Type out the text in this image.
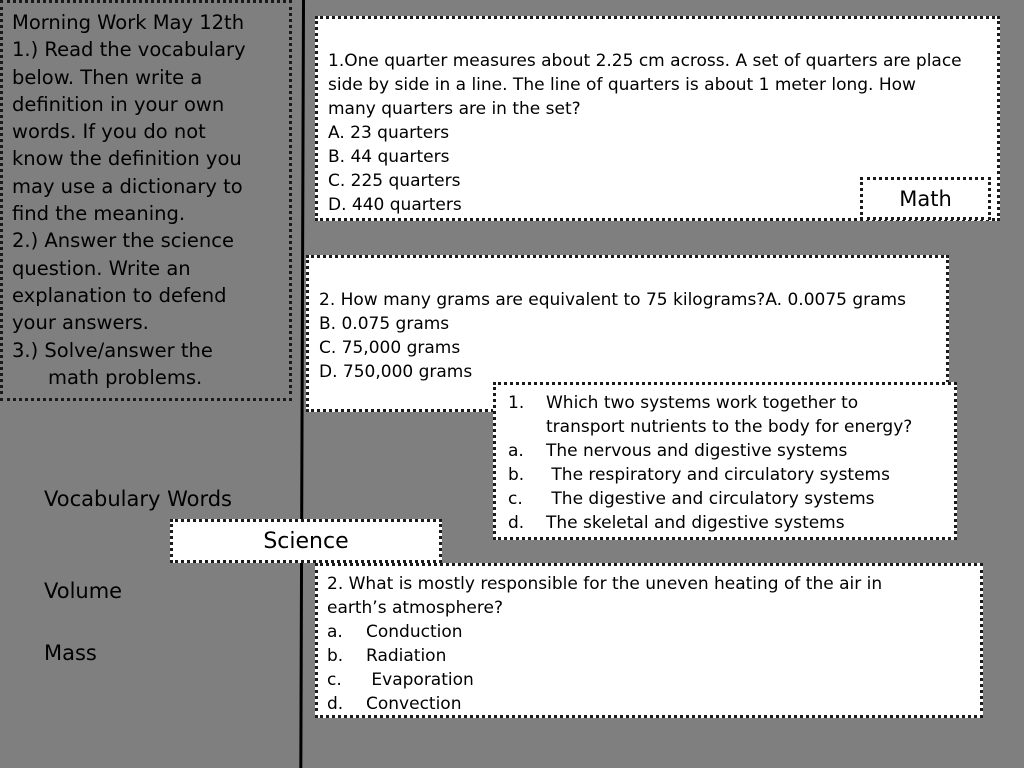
Morning Work May 12th
1.) Read the vocabulary
below. Then write a
definition in your own
words. If you do not
know the definition you
may use a dictionary to
find the meaning.
2.) Answer the science
question. Write an
explanation to defend
your answers.
3.) Solve/answer the
math problems.
Vocabulary Words
Volume
Mass
1.One quarter measures about 2.25 cm across. A set of quarters are place
side by side in a line. The line of quarters is about 1 meter long. How
many quarters are in the set?
A. 23 quarters
B. 44 quarters
C. 225 quarters
D. 440 quarters	Math
2. How many grams are equivalent to 75 kilograms?A. 0.0075 grams
B. 0.075 grams
C. 75,000 grams
D. 750,000 grams
1. Which two systems work together to
transport nutrients to the body for energy?
a. The nervous and digestive systems
b. The respiratory and circulatory systems
c. The digestive and circulatory systems
d. The skeletal and digestive systems
Science
2. What is mostly responsible for the uneven heating of the air in
earth’s atmosphere?
a. Conduction
b. Radiation
c. Evaporation
d. Convection
